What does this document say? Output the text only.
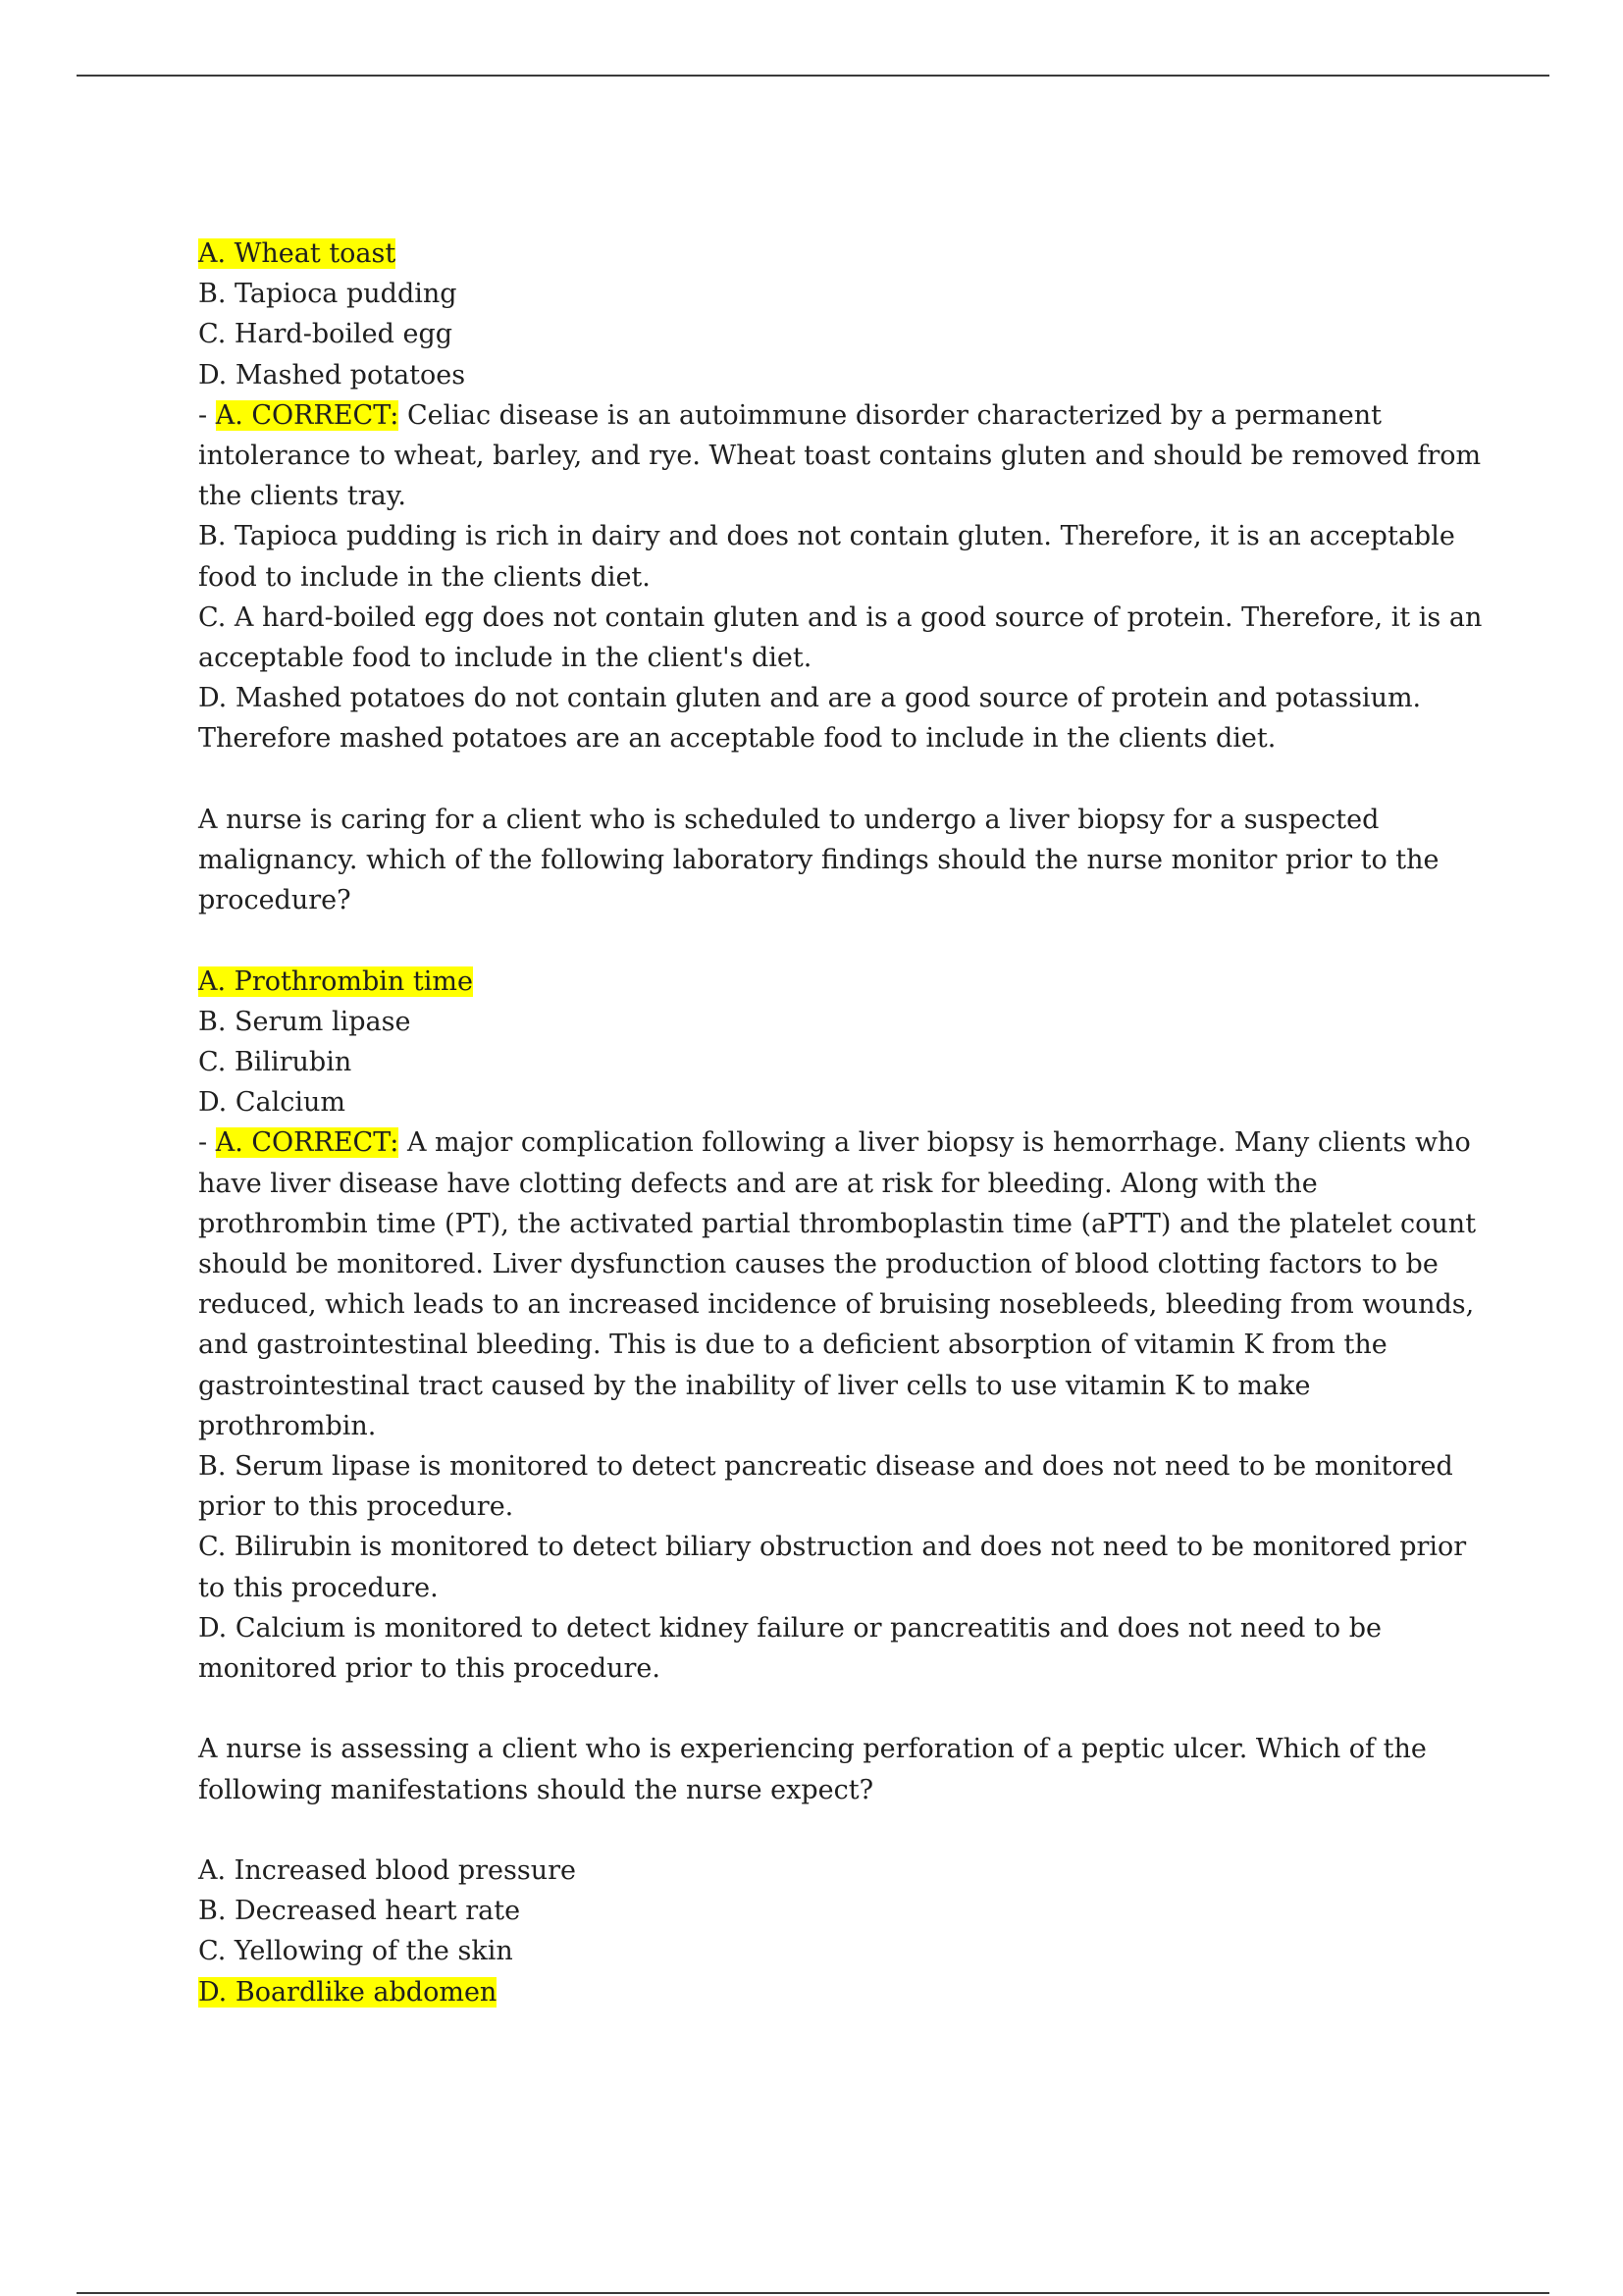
A. Wheat toast

B. Tapioca pudding

C. Hard-boiled egg

D. Mashed potatoes

- A. CORRECT: Celiac disease is an autoimmune disorder characterized by a permanent intolerance to wheat, barley, and rye. Wheat toast contains gluten and should be removed from the clients tray.

B. Tapioca pudding is rich in dairy and does not contain gluten. Therefore, it is an acceptable food to include in the clients diet.

C. A hard-boiled egg does not contain gluten and is a good source of protein. Therefore, it is an acceptable food to include in the client's diet.

D. Mashed potatoes do not contain gluten and are a good source of protein and potassium. Therefore mashed potatoes are an acceptable food to include in the clients diet.

A nurse is caring for a client who is scheduled to undergo a liver biopsy for a suspected malignancy. which of the following laboratory findings should the nurse monitor prior to the procedure?

A. Prothrombin time

B. Serum lipase

C. Bilirubin

D. Calcium

- A. CORRECT: A major complication following a liver biopsy is hemorrhage. Many clients who have liver disease have clotting defects and are at risk for bleeding. Along with the prothrombin time (PT), the activated partial thromboplastin time (aPTT) and the platelet count should be monitored. Liver dysfunction causes the production of blood clotting factors to be reduced, which leads to an increased incidence of bruising nosebleeds, bleeding from wounds, and gastrointestinal bleeding. This is due to a deficient absorption of vitamin K from the gastrointestinal tract caused by the inability of liver cells to use vitamin K to make prothrombin.

B. Serum lipase is monitored to detect pancreatic disease and does not need to be monitored prior to this procedure.

C. Bilirubin is monitored to detect biliary obstruction and does not need to be monitored prior to this procedure.

D. Calcium is monitored to detect kidney failure or pancreatitis and does not need to be monitored prior to this procedure.

A nurse is assessing a client who is experiencing perforation of a peptic ulcer. Which of the following manifestations should the nurse expect?

A. Increased blood pressure

B. Decreased heart rate

C. Yellowing of the skin

D. Boardlike abdomen
